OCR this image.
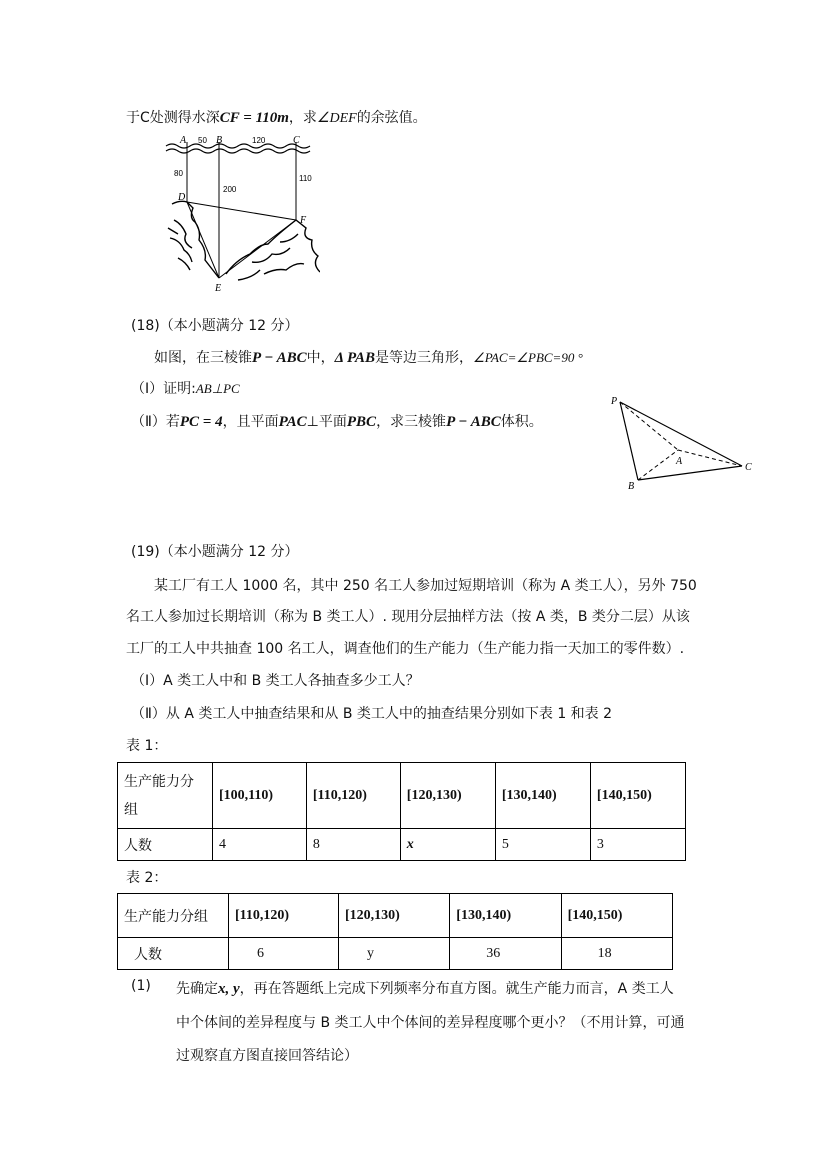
于C处测得水深CF = 110m，求∠DEF的余弦值。
A 50 B	120	C
80
D
200
110
F
E
(18)（本小题满分 12 分）
如图，在三棱锥P − ABC中，Δ PAB是等边三角形，∠PAC=∠PBC=90 °
（Ⅰ）证明:AB⊥PC
（Ⅱ）若PC = 4，且平面PAC⊥平面PBC，求三棱锥P − ABC体积。
P
A
B
C
(19)（本小题满分 12 分）
某工厂有工人 1000 名，其中 250 名工人参加过短期培训（称为 A 类工人），另外 750
名工人参加过长期培训（称为 B 类工人）. 现用分层抽样方法（按 A 类，B 类分二层）从该
工厂的工人中共抽查 100 名工人，调查他们的生产能力（生产能力指一天加工的零件数）.
（Ⅰ）A 类工人中和 B 类工人各抽查多少工人？
（Ⅱ）从 A 类工人中抽查结果和从 B 类工人中的抽查结果分别如下表 1 和表 2
表 1：
生产能力分
组	[100,110)	[110,120)	[120,130)	[130,140)	[140,150)
人数	4	8	x	5	3
表 2：
生产能力分组	[110,120)	[120,130)	[130,140)	[140,150)
人数	6	y	36	18
(1) 先确定x, y，再在答题纸上完成下列频率分布直方图。就生产能力而言，A 类工人
中个体间的差异程度与 B 类工人中个体间的差异程度哪个更小？（不用计算，可通
过观察直方图直接回答结论）
